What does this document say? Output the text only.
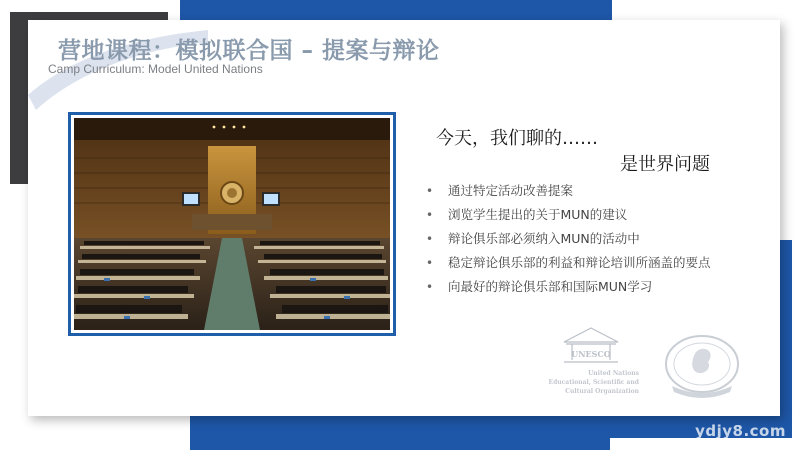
营地课程：模拟联合国 – 提案与辩论
Camp Curriculum: Model United Nations
今天，我们聊的……
是世界问题
• 通过特定活动改善提案
• 浏览学生提出的关于MUN的建议
• 辩论俱乐部必须纳入MUN的活动中
• 稳定辩论俱乐部的利益和辩论培训所涵盖的要点
• 向最好的辩论俱乐部和国际MUN学习
UNESCO
United Nations
Educational, Scientific and
Cultural Organization
ydjy8.com
